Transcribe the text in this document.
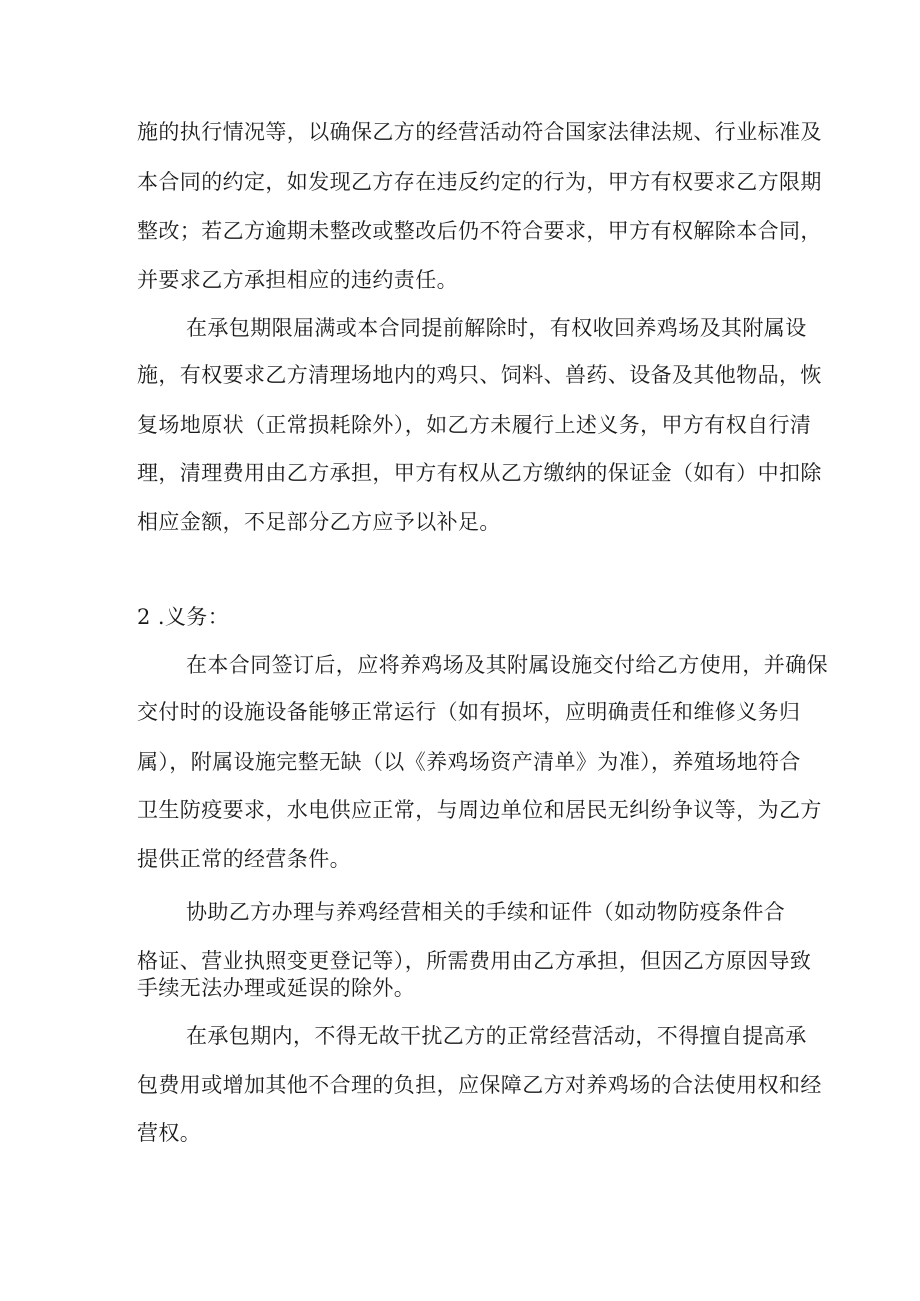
施的执行情况等，以确保乙方的经营活动符合国家法律法规、行业标准及
本合同的约定，如发现乙方存在违反约定的行为，甲方有权要求乙方限期
整改；若乙方逾期未整改或整改后仍不符合要求，甲方有权解除本合同，
并要求乙方承担相应的违约责任。
在承包期限届满或本合同提前解除时，有权收回养鸡场及其附属设
施，有权要求乙方清理场地内的鸡只、饲料、兽药、设备及其他物品，恢
复场地原状（正常损耗除外），如乙方未履行上述义务，甲方有权自行清
理，清理费用由乙方承担，甲方有权从乙方缴纳的保证金（如有）中扣除
相应金额，不足部分乙方应予以补足。
2 .义务：
在本合同签订后，应将养鸡场及其附属设施交付给乙方使用，并确保
交付时的设施设备能够正常运行（如有损坏，应明确责任和维修义务归
属），附属设施完整无缺（以《养鸡场资产清单》为准），养殖场地符合
卫生防疫要求，水电供应正常，与周边单位和居民无纠纷争议等，为乙方
提供正常的经营条件。
协助乙方办理与养鸡经营相关的手续和证件（如动物防疫条件合
格证、营业执照变更登记等），所需费用由乙方承担，但因乙方原因导致
手续无法办理或延误的除外。
在承包期内，不得无故干扰乙方的正常经营活动，不得擅自提高承
包费用或增加其他不合理的负担，应保障乙方对养鸡场的合法使用权和经
营权。
